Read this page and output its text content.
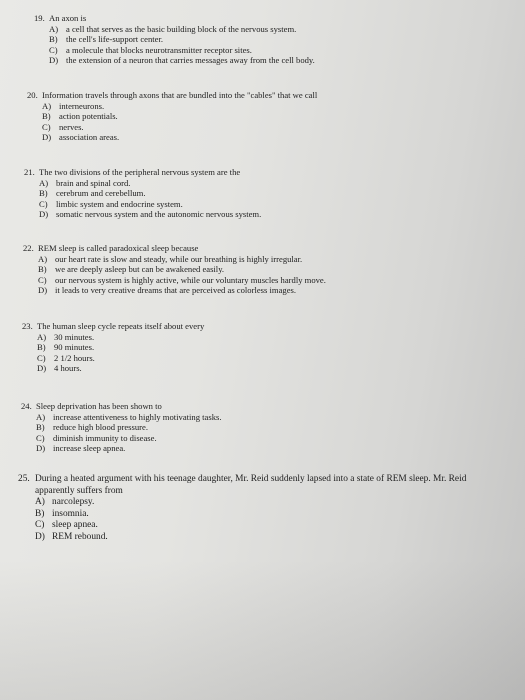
19. An axon is
A) a cell that serves as the basic building block of the nervous system.
B) the cell's life-support center.
C) a molecule that blocks neurotransmitter receptor sites.
D) the extension of a neuron that carries messages away from the cell body.
20. Information travels through axons that are bundled into the "cables" that we call
A) interneurons.
B) action potentials.
C) nerves.
D) association areas.
21. The two divisions of the peripheral nervous system are the
A) brain and spinal cord.
B) cerebrum and cerebellum.
C) limbic system and endocrine system.
D) somatic nervous system and the autonomic nervous system.
22. REM sleep is called paradoxical sleep because
A) our heart rate is slow and steady, while our breathing is highly irregular.
B) we are deeply asleep but can be awakened easily.
C) our nervous system is highly active, while our voluntary muscles hardly move.
D) it leads to very creative dreams that are perceived as colorless images.
23. The human sleep cycle repeats itself about every
A) 30 minutes.
B) 90 minutes.
C) 2 1/2 hours.
D) 4 hours.
24. Sleep deprivation has been shown to
A) increase attentiveness to highly motivating tasks.
B) reduce high blood pressure.
C) diminish immunity to disease.
D) increase sleep apnea.
25. During a heated argument with his teenage daughter, Mr. Reid suddenly lapsed into a state of REM sleep. Mr. Reid apparently suffers from
A) narcolepsy.
B) insomnia.
C) sleep apnea.
D) REM rebound.
